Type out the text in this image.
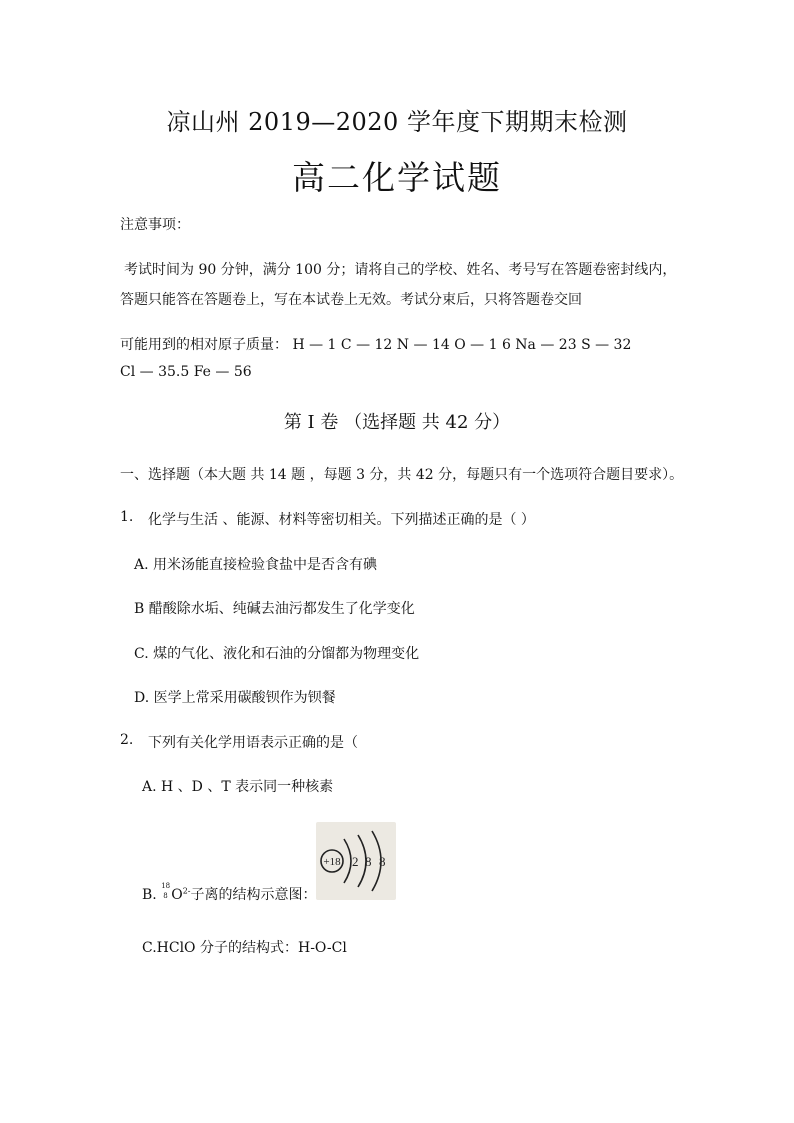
凉山州 2019—2020 学年度下期期末检测
高二化学试题
注意事项：
考试时间为 90 分钟，满分 100 分；请将自己的学校、姓名、考号写在答题卷密封线内，
答题只能答在答题卷上，写在本试卷上无效。考试分束后，只将答题卷交回
可能用到的相对原子质量： H — 1 C — 12 N — 14 O — 1 6 Na — 23 S — 32
Cl — 35.5 Fe — 56
第 I 卷 （选择题 共 42 分）
一、选择题（本大题 共 14 题 ，每题 3 分，共 42 分，每题只有一个选项符合题目要求）。
1. 化学与生活 、能源、材料等密切相关。下列描述正确的是（ ）
A. 用米汤能直接检验食盐中是否含有碘
B 醋酸除水垢、纯碱去油污都发生了化学变化
C. 煤的气化、液化和石油的分馏都为物理变化
D. 医学上常采用碳酸钡作为钡餐
2. 下列有关化学用语表示正确的是（
A. H 、D 、T 表示同一种核素
B.
18
8 $O^{2-}$子离的结构示意图：
+18 2 8 8
C.HClO 分子的结构式：H-O-Cl
